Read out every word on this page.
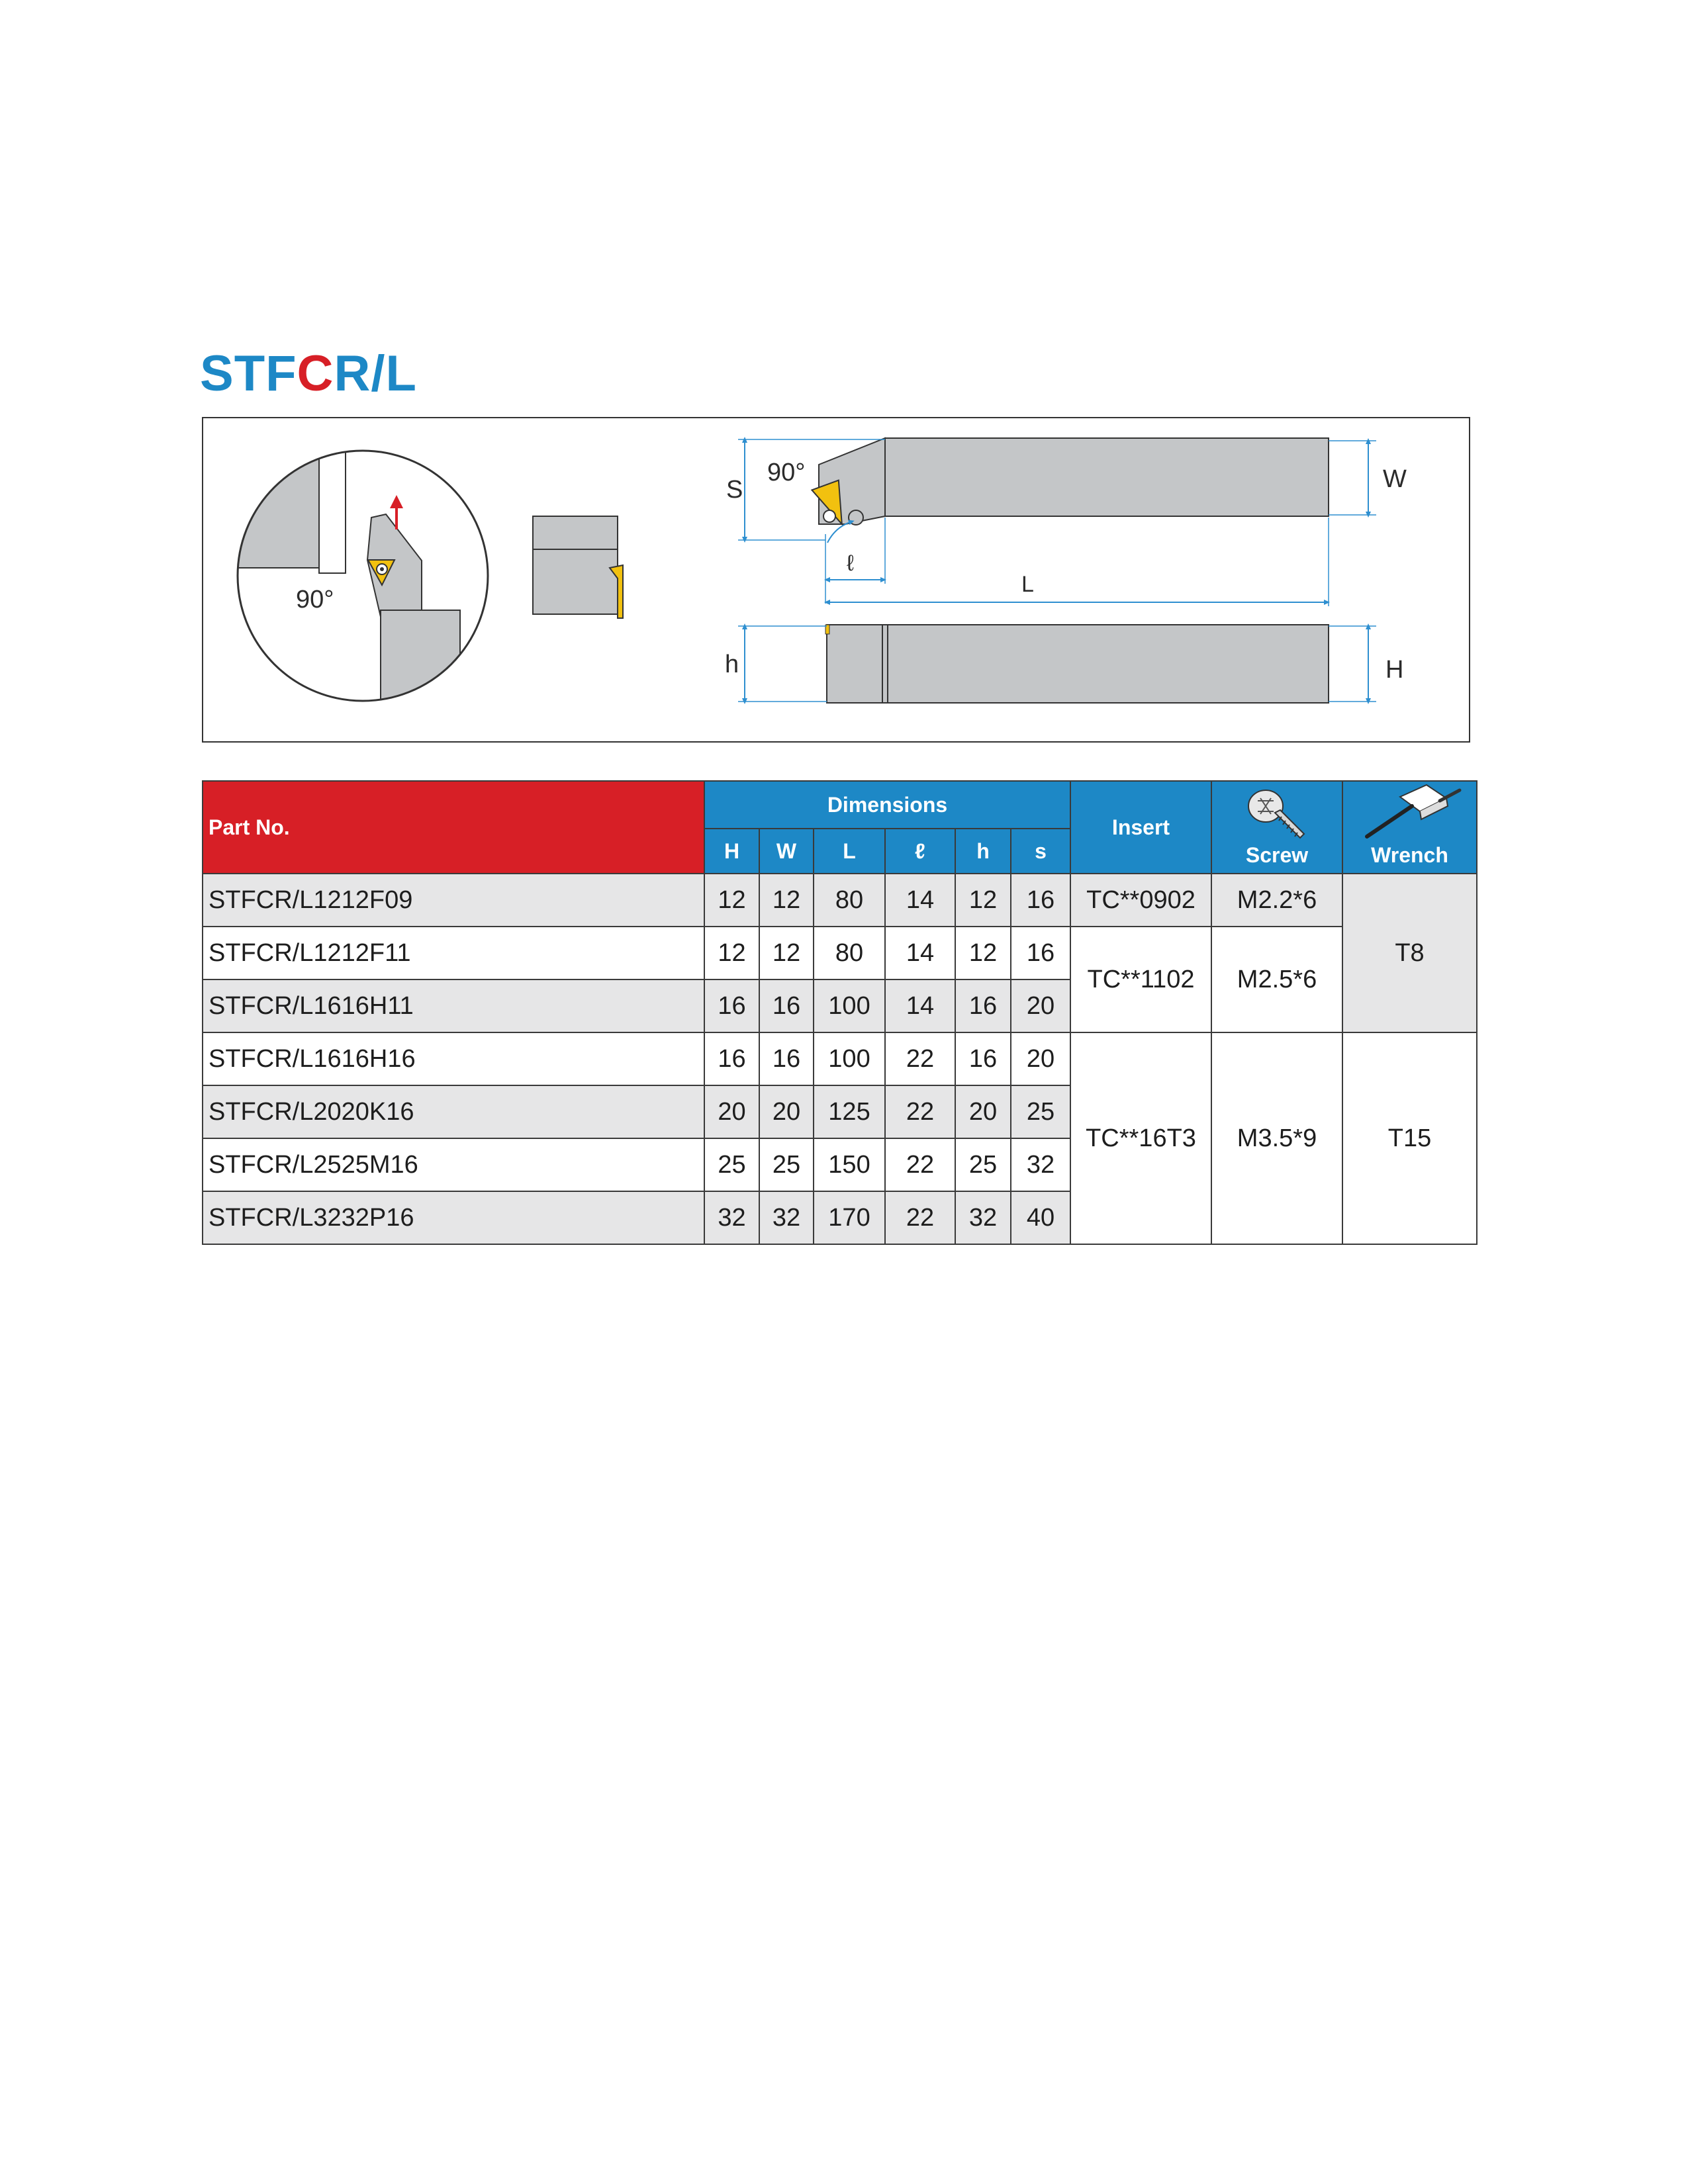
STFCR/L
90°
90°
S	W
ℓ
L
h	H
Part No.	Dimensions						Insert	Screw	Wrench

	H	W	L	ℓ	h	s			
STFCR/L1212F09	12	12	80	14	12	16	TC**0902	M2.2*6	T8
STFCR/L1212F11	12	12	80	14	12	16	TC**1102	M2.5*6	
STFCR/L1616H11	16	16	100	14	16	20			
STFCR/L1616H16	16	16	100	22	16	20	TC**16T3	M3.5*9	T15
STFCR/L2020K16	20	20	125	22	20	25			
STFCR/L2525M16	25	25	150	22	25	32			
STFCR/L3232P16	32	32	170	22	32	40			
